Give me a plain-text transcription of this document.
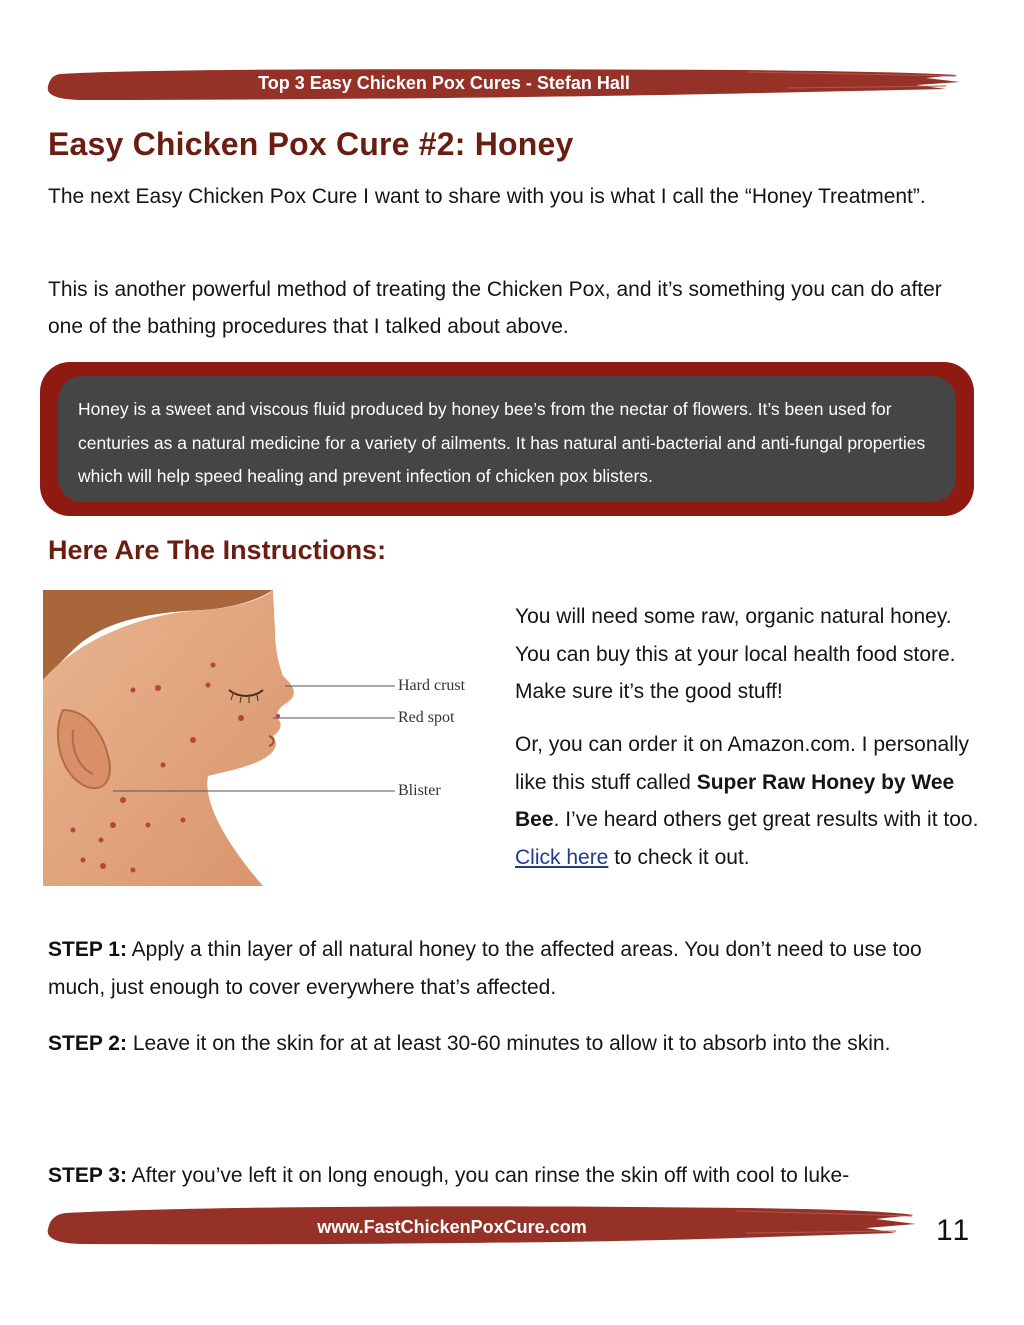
Top 3 Easy Chicken Pox Cures - Stefan Hall
Easy Chicken Pox Cure #2: Honey

The next Easy Chicken Pox Cure I want to share with you is what I call the “Honey Treatment”.

This is another powerful method of treating the Chicken Pox, and it’s something you can do after one of the bathing procedures that I talked about above.

Honey is a sweet and viscous fluid produced by honey bee’s from the nectar of flowers. It’s been used for centuries as a natural medicine for a variety of ailments. It has natural anti-bacterial and anti-fungal properties which will help speed healing and prevent infection of chicken pox blisters.

Here Are The Instructions:
Hard crust
Red spot
Blister

You will need some raw, organic natural honey. You can buy this at your local health food store. Make sure it’s the good stuff!

Or, you can order it on Amazon.com. I personally like this stuff called Super Raw Honey by Wee Bee. I’ve heard others get great results with it too. Click here to check it out.

STEP 1: Apply a thin layer of all natural honey to the affected areas. You don’t need to use too much, just enough to cover everywhere that’s affected.

STEP 2: Leave it on the skin for at at least 30-60 minutes to allow it to absorb into the skin.

STEP 3: After you’ve left it on long enough, you can rinse the skin off with cool to luke-

www.FastChickenPoxCure.com	11
